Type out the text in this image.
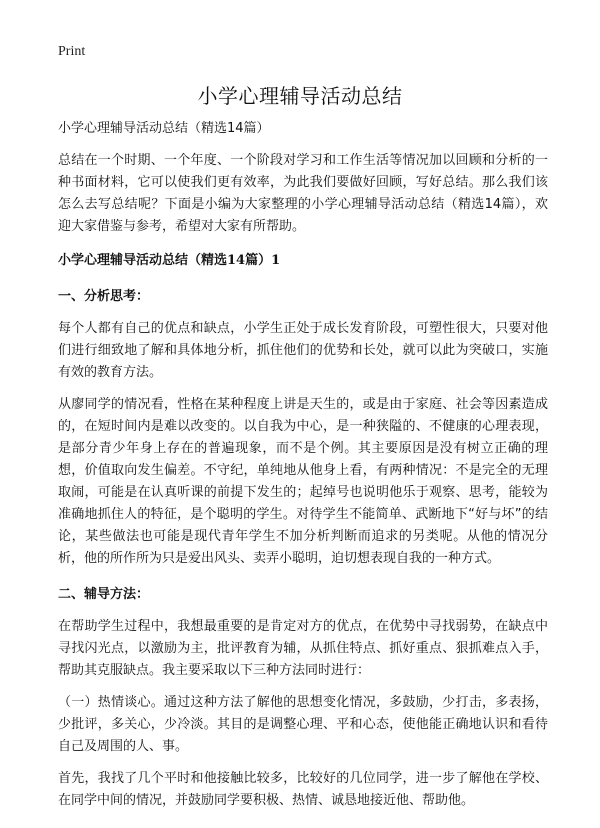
Print
小学心理辅导活动总结
小学心理辅导活动总结（精选14篇）

总结在一个时期、一个年度、一个阶段对学习和工作生活等情况加以回顾和分析的一种书面材料，它可以使我们更有效率，为此我们要做好回顾，写好总结。那么我们该怎么去写总结呢？下面是小编为大家整理的小学心理辅导活动总结（精选14篇），欢迎大家借鉴与参考，希望对大家有所帮助。

小学心理辅导活动总结（精选14篇）1
一、分析思考：

每个人都有自己的优点和缺点，小学生正处于成长发育阶段，可塑性很大，只要对他们进行细致地了解和具体地分析，抓住他们的优势和长处，就可以此为突破口，实施有效的教育方法。

从廖同学的情况看，性格在某种程度上讲是天生的，或是由于家庭、社会等因素造成的，在短时间内是难以改变的。以自我为中心，是一种狭隘的、不健康的心理表现，是部分青少年身上存在的普遍现象，而不是个例。其主要原因是没有树立正确的理想，价值取向发生偏差。不守纪，单纯地从他身上看，有两种情况：不是完全的无理取闹，可能是在认真听课的前提下发生的；起绰号也说明他乐于观察、思考，能较为准确地抓住人的特征，是个聪明的学生。对待学生不能简单、武断地下“好与坏”的结论，某些做法也可能是现代青年学生不加分析判断而追求的另类呢。从他的情况分析，他的所作所为只是爱出风头、卖弄小聪明，迫切想表现自我的一种方式。

二、辅导方法：

在帮助学生过程中，我想最重要的是肯定对方的优点，在优势中寻找弱势，在缺点中寻找闪光点，以激励为主，批评教育为辅，从抓住特点、抓好重点、狠抓难点入手，帮助其克服缺点。我主要采取以下三种方法同时进行：

（一）热情谈心。通过这种方法了解他的思想变化情况，多鼓励，少打击，多表扬，少批评，多关心，少冷淡。其目的是调整心理、平和心态，使他能正确地认识和看待自己及周围的人、事。

首先，我找了几个平时和他接触比较多，比较好的几位同学，进一步了解他在学校、在同学中间的情况，并鼓励同学要积极、热情、诚恳地接近他、帮助他。
